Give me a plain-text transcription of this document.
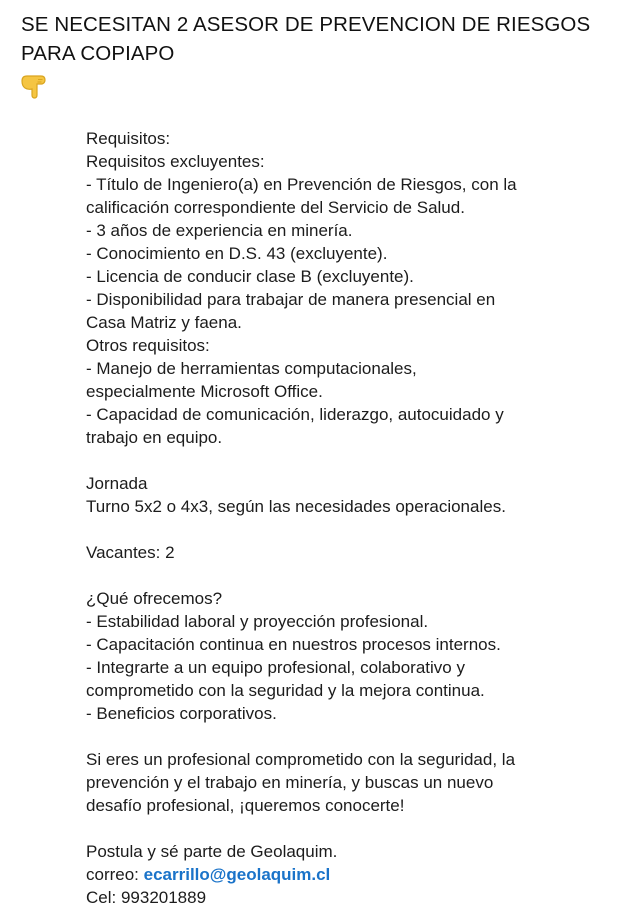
SE NECESITAN 2 ASESOR DE PREVENCION DE RIESGOS
PARA COPIAPO
Requisitos:
Requisitos excluyentes:
- Título de Ingeniero(a) en Prevención de Riesgos, con la
calificación correspondiente del Servicio de Salud.
- 3 años de experiencia en minería.
- Conocimiento en D.S. 43 (excluyente).
- Licencia de conducir clase B (excluyente).
- Disponibilidad para trabajar de manera presencial en
Casa Matriz y faena.
Otros requisitos:
- Manejo de herramientas computacionales,
especialmente Microsoft Office.
- Capacidad de comunicación, liderazgo, autocuidado y
trabajo en equipo.
Jornada
Turno 5x2 o 4x3, según las necesidades operacionales.
Vacantes: 2
¿Qué ofrecemos?
- Estabilidad laboral y proyección profesional.
- Capacitación continua en nuestros procesos internos.
- Integrarte a un equipo profesional, colaborativo y
comprometido con la seguridad y la mejora continua.
- Beneficios corporativos.
Si eres un profesional comprometido con la seguridad, la
prevención y el trabajo en minería, y buscas un nuevo
desafío profesional, ¡queremos conocerte!
Postula y sé parte de Geolaquim.
correo: ecarrillo@geolaquim.cl
Cel: 993201889
